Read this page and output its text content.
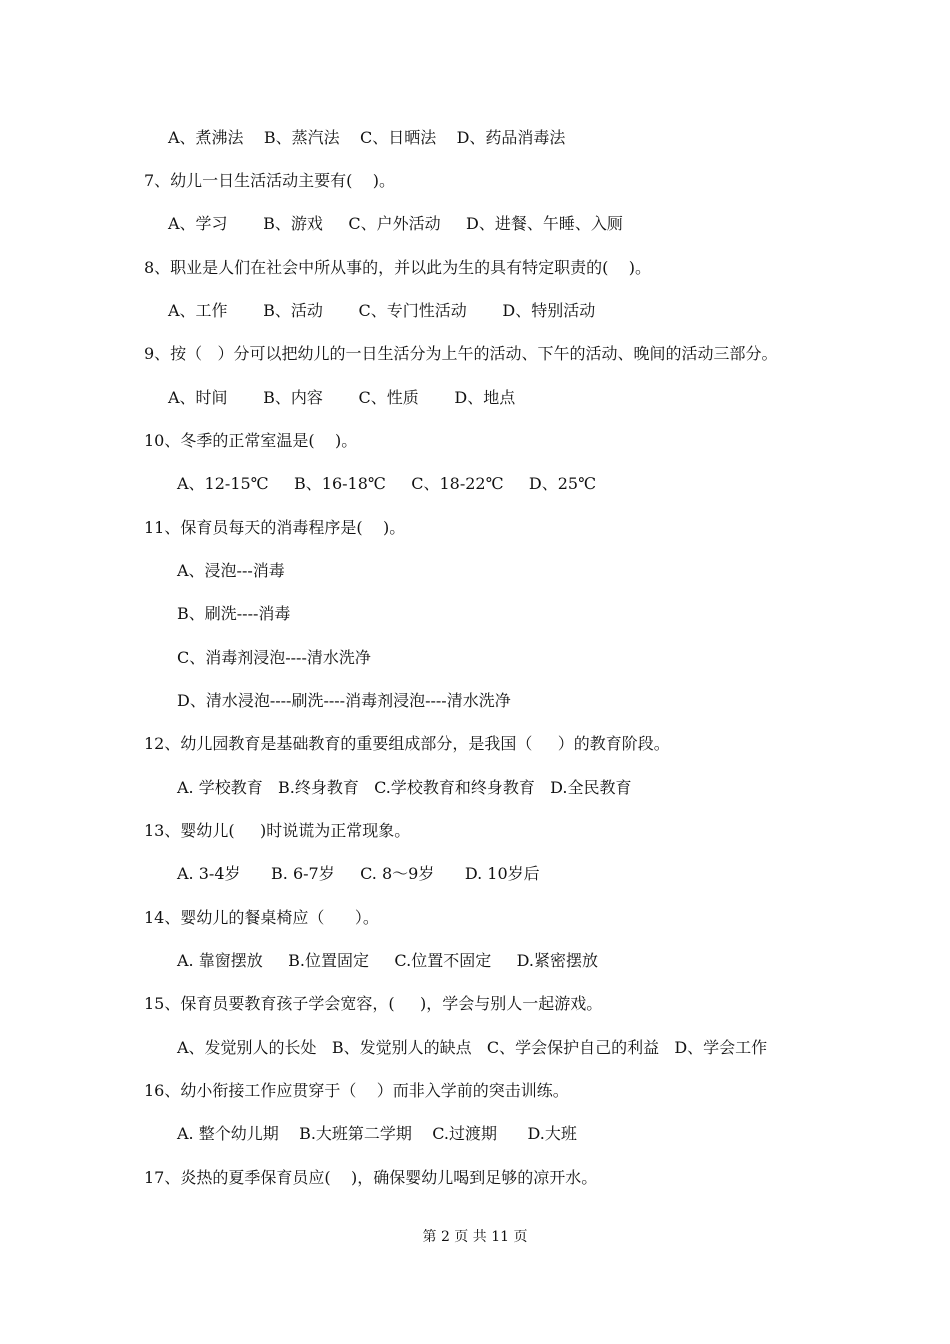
A、煮沸法    B、蒸汽法    C、日晒法    D、药品消毒法
7、幼儿一日生活活动主要有(    )。
A、学习       B、游戏     C、户外活动     D、进餐、午睡、入厕
8、职业是人们在社会中所从事的，并以此为生的具有特定职责的(    )。
A、工作       B、活动       C、专门性活动       D、特别活动
9、按（   ）分可以把幼儿的一日生活分为上午的活动、下午的活动、晚间的活动三部分。
A、时间       B、内容       C、性质       D、地点
10、冬季的正常室温是(    )。
A、12-15℃     B、16-18℃     C、18-22℃     D、25℃
11、保育员每天的消毒程序是(    )。
A、浸泡---消毒
B、刷洗----消毒
C、消毒剂浸泡----清水洗净
D、清水浸泡----刷洗----消毒剂浸泡----清水洗净
12、幼儿园教育是基础教育的重要组成部分，是我国（     ）的教育阶段。
A. 学校教育   B.终身教育   C.学校教育和终身教育   D.全民教育
13、婴幼儿(     )时说谎为正常现象。
A. 3-4岁      B. 6-7岁     C. 8～9岁      D. 10岁后
14、婴幼儿的餐桌椅应（      ）。
A. 靠窗摆放     B.位置固定     C.位置不固定     D.紧密摆放
15、保育员要教育孩子学会宽容，(     )，学会与别人一起游戏。
A、发觉别人的长处   B、发觉别人的缺点   C、学会保护自己的利益   D、学会工作
16、幼小衔接工作应贯穿于（    ）而非入学前的突击训练。
A. 整个幼儿期    B.大班第二学期    C.过渡期      D.大班
17、炎热的夏季保育员应(    )，确保婴幼儿喝到足够的凉开水。
第 2 页 共 11 页
